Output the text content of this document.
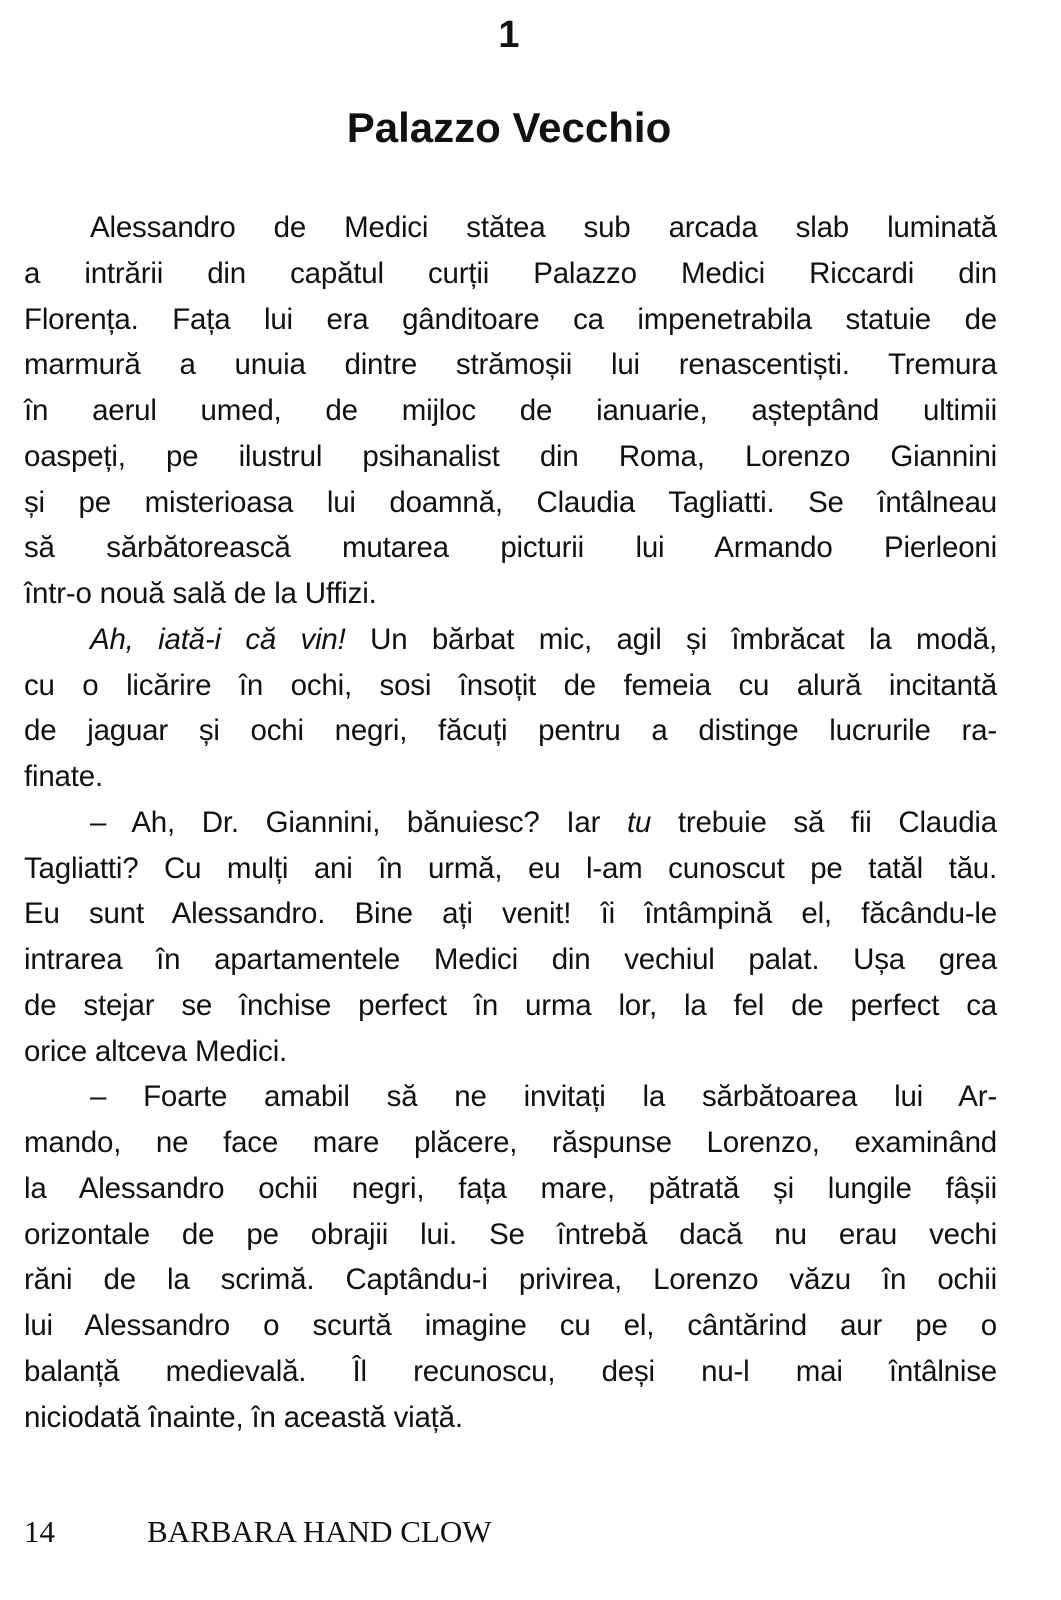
1
Palazzo Vecchio
Alessandro de Medici stătea sub arcada slab luminată
a intrării din capătul curții Palazzo Medici Riccardi din
Florența. Fața lui era gânditoare ca impenetrabila statuie de
marmură a unuia dintre strămoșii lui renascentiști. Tremura
în aerul umed, de mijloc de ianuarie, așteptând ultimii
oaspeți, pe ilustrul psihanalist din Roma, Lorenzo Giannini
și pe misterioasa lui doamnă, Claudia Tagliatti. Se întâlneau
să sărbătorească mutarea picturii lui Armando Pierleoni
într-o nouă sală de la Uffizi.
Ah, iată-i că vin! Un bărbat mic, agil și îmbrăcat la modă,
cu o licărire în ochi, sosi însoțit de femeia cu alură incitantă
de jaguar și ochi negri, făcuți pentru a distinge lucrurile ra-
finate.
– Ah, Dr. Giannini, bănuiesc? Iar tu trebuie să fii Claudia
Tagliatti? Cu mulți ani în urmă, eu l-am cunoscut pe tatăl tău.
Eu sunt Alessandro. Bine ați venit! îi întâmpină el, făcându-le
intrarea în apartamentele Medici din vechiul palat. Ușa grea
de stejar se închise perfect în urma lor, la fel de perfect ca
orice altceva Medici.
– Foarte amabil să ne invitați la sărbătoarea lui Ar-
mando, ne face mare plăcere, răspunse Lorenzo, examinând
la Alessandro ochii negri, fața mare, pătrată și lungile fâșii
orizontale de pe obrajii lui. Se întrebă dacă nu erau vechi
răni de la scrimă. Captându-i privirea, Lorenzo văzu în ochii
lui Alessandro o scurtă imagine cu el, cântărind aur pe o
balanță medievală. Îl recunoscu, deși nu-l mai întâlnise
niciodată înainte, în această viață.
14	BARBARA HAND CLOW
